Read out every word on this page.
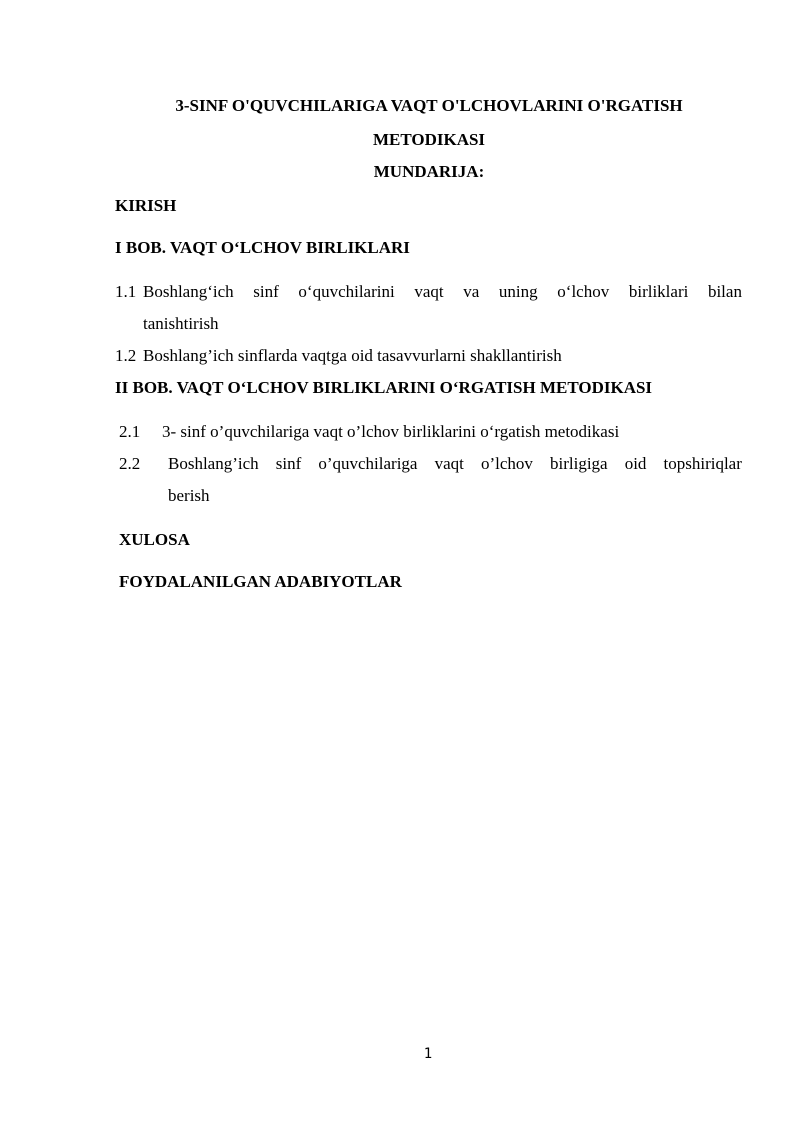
3-SINF O'QUVCHILARIGA VAQT O'LCHOVLARINI O'RGATISH
METODIKASI
MUNDARIJA:
KIRISH
I BOB. VAQT O‘LCHOV BIRLIKLARI
1.1 Boshlang‘ich sinf o‘quvchilarini vaqt va uning o‘lchov birliklari bilan
tanishtirish
1.2 Boshlang’ich sinflarda vaqtga oid tasavvurlarni shakllantirish
II BOB. VAQT O‘LCHOV BIRLIKLARINI O‘RGATISH METODIKASI
2.1 3- sinf o’quvchilariga vaqt o’lchov birliklarini o‘rgatish metodikasi
2.2 Boshlang’ich sinf o’quvchilariga vaqt o’lchov birligiga oid topshiriqlar
berish
XULOSA
FOYDALANILGAN ADABIYOTLAR
1
